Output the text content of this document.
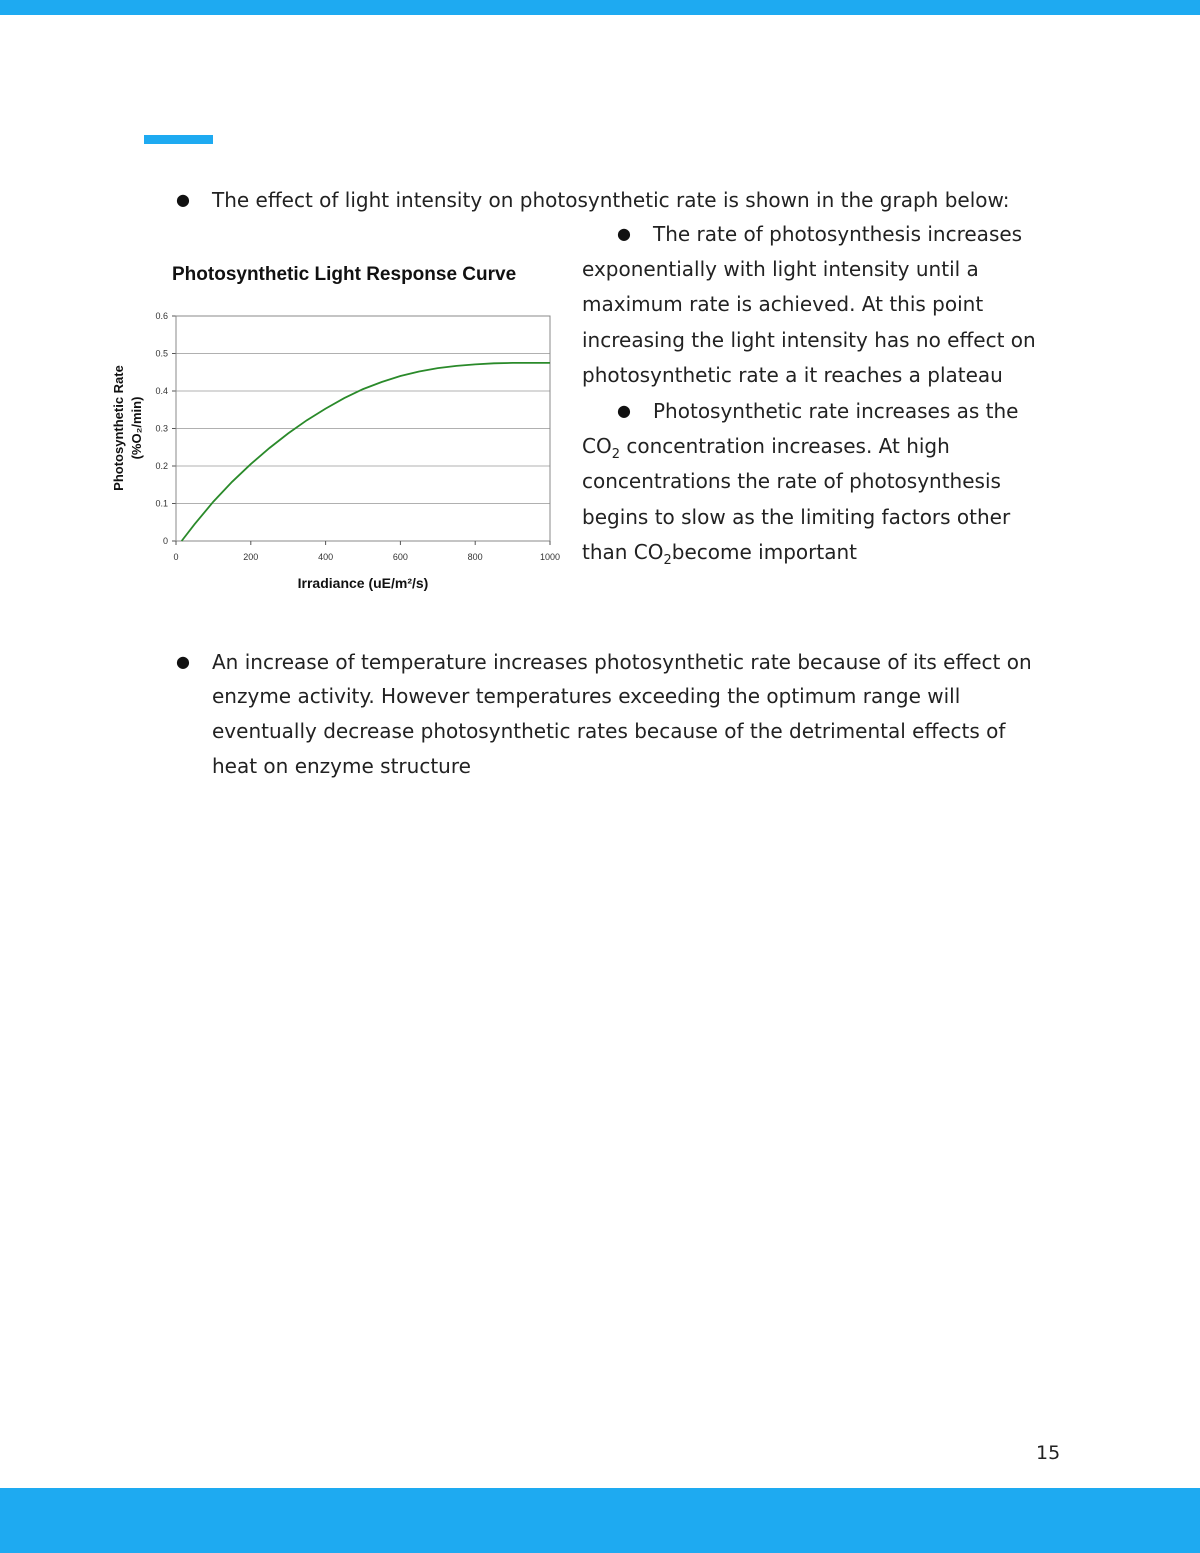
● The effect of light intensity on photosynthetic rate is shown in the graph below:
● The rate of photosynthesis increases
exponentially with light intensity until a
maximum rate is achieved. At this point
increasing the light intensity has no effect on
photosynthetic rate a it reaches a plateau
● Photosynthetic rate increases as the
$CO_2$ concentration increases. At high
concentrations the rate of photosynthesis
begins to slow as the limiting factors other
than $CO_2become$ important
Photosynthetic Light Response Curve
0
0.1
0.2
0.3
0.4
0.5
0.6
0	200	400	600	800	1000
Irradiance (uE/m²/s)
Photosynthetic Rate (%O₂/min)
● An increase of temperature increases photosynthetic rate because of its effect on
enzyme activity. However temperatures exceeding the optimum range will
eventually decrease photosynthetic rates because of the detrimental effects of
heat on enzyme structure
15
